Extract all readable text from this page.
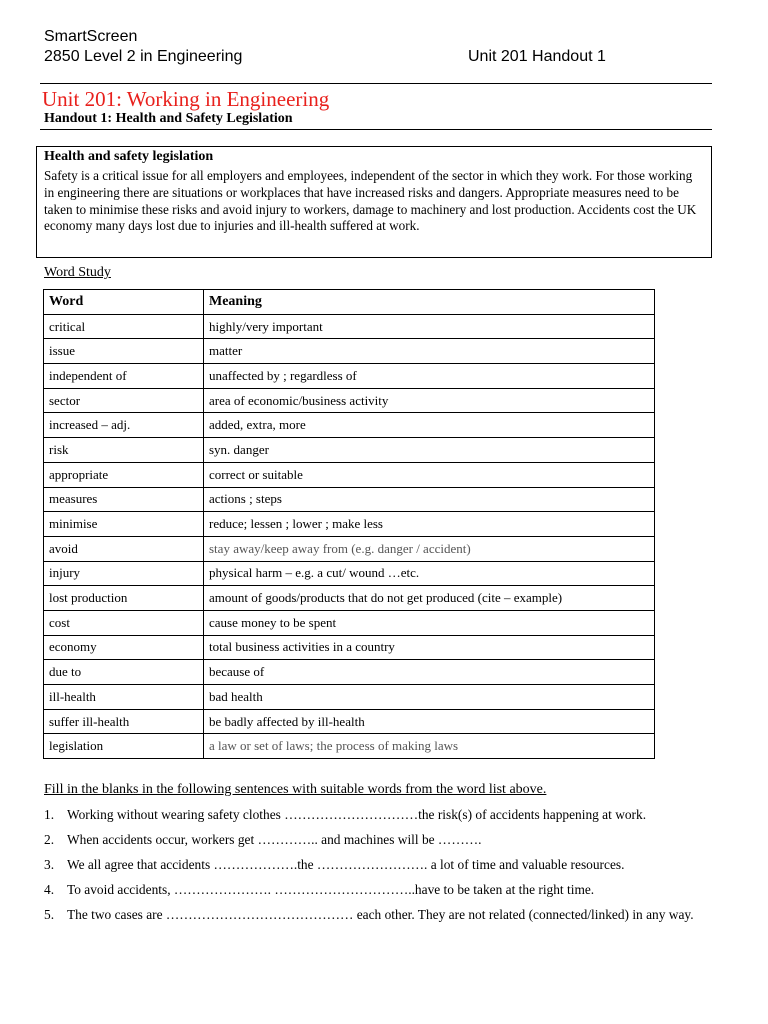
SmartScreen
2850 Level 2 in Engineering	Unit 201 Handout 1
Unit 201: Working in Engineering
Handout 1: Health and Safety Legislation
Health and safety legislation
Safety is a critical issue for all employers and employees, independent of the sector in which they work. For those working in engineering there are situations or workplaces that have increased risks and dangers. Appropriate measures need to be taken to minimise these risks and avoid injury to workers, damage to machinery and lost production. Accidents cost the UK economy many days lost due to injuries and ill-health suffered at work.
Word Study
Word	Meaning
critical	highly/very important
issue	matter
independent of	unaffected by ; regardless of
sector	area of economic/business activity
increased – adj.	added, extra, more
risk	syn. danger
appropriate	correct or suitable
measures	actions ; steps
minimise	reduce; lessen ; lower ; make less
avoid	stay away/keep away from (e.g. danger / accident)
injury	physical harm – e.g. a cut/ wound …etc.
lost production	amount of goods/products that do not get produced (cite – example)
cost	cause money to be spent
economy	total business activities in a country
due to	because of
ill-health	bad health
suffer ill-health	be badly affected by ill-health
legislation	a law or set of laws; the process of making laws
Fill in the blanks in the following sentences with suitable words from the word list above.
1. Working without wearing safety clothes …………………………the risk(s) of accidents happening at work.
2. When accidents occur, workers get ………….. and machines will be ……….
3. We all agree that accidents ……………….the ……………………. a lot of time and valuable resources.
4. To avoid accidents, …………………. …………………………..have to be taken at the right time.
5. The two cases are …………………………………… each other. They are not related (connected/linked) in any way.
